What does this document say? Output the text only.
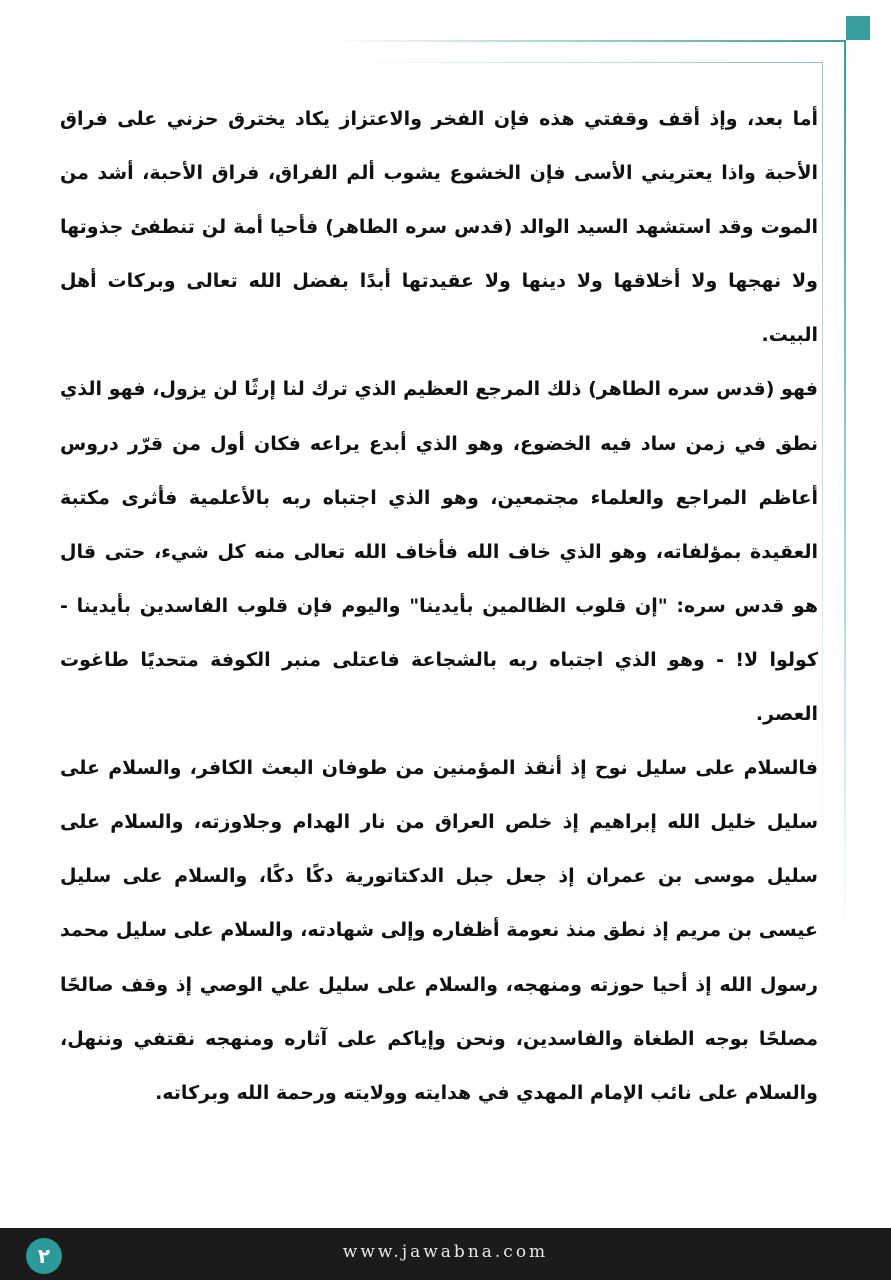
أما بعد، وإذ أقف وقفتي هذه فإن الفخر والاعتزاز يكاد يخترق حزني على فراق الأحبة واذا يعتريني الأسى فإن الخشوع يشوب ألم الفراق، فراق الأحبة، أشد من الموت وقد استشهد السيد الوالد (قدس سره الطاهر) فأحيا أمة لن تنطفئ جذوتها ولا نهجها ولا أخلاقها ولا دينها ولا عقيدتها أبدًا بفضل الله تعالى وبركات أهل البيت.

فهو (قدس سره الطاهر) ذلك المرجع العظيم الذي ترك لنا إرثًا لن يزول، فهو الذي نطق في زمن ساد فيه الخضوع، وهو الذي أبدع يراعه فكان أول من قرّر دروس أعاظم المراجع والعلماء مجتمعين، وهو الذي اجتباه ربه بالأعلمية فأثرى مكتبة العقيدة بمؤلفاته، وهو الذي خاف الله فأخاف الله تعالى منه كل شيء، حتى قال هو قدس سره: "إن قلوب الظالمين بأيدينا" واليوم فإن قلوب الفاسدين بأيدينا - كولوا لا! - وهو الذي اجتباه ربه بالشجاعة فاعتلى منبر الكوفة متحديًا طاغوت العصر.

فالسلام على سليل نوح إذ أنقذ المؤمنين من طوفان البعث الكافر، والسلام على سليل خليل الله إبراهيم إذ خلص العراق من نار الهدام وجلاوزته، والسلام على سليل موسى بن عمران إذ جعل جبل الدكتاتورية دكًا دكًا، والسلام على سليل عيسى بن مريم إذ نطق منذ نعومة أظفاره وإلى شهادته، والسلام على سليل محمد رسول الله إذ أحيا حوزته ومنهجه، والسلام على سليل علي الوصي إذ وقف صالحًا مصلحًا بوجه الطغاة والفاسدين، ونحن وإياكم على آثاره ومنهجه نقتفي وننهل، والسلام على نائب الإمام المهدي في هدايته وولايته ورحمة الله وبركاته.

www.jawabna.com
٢
